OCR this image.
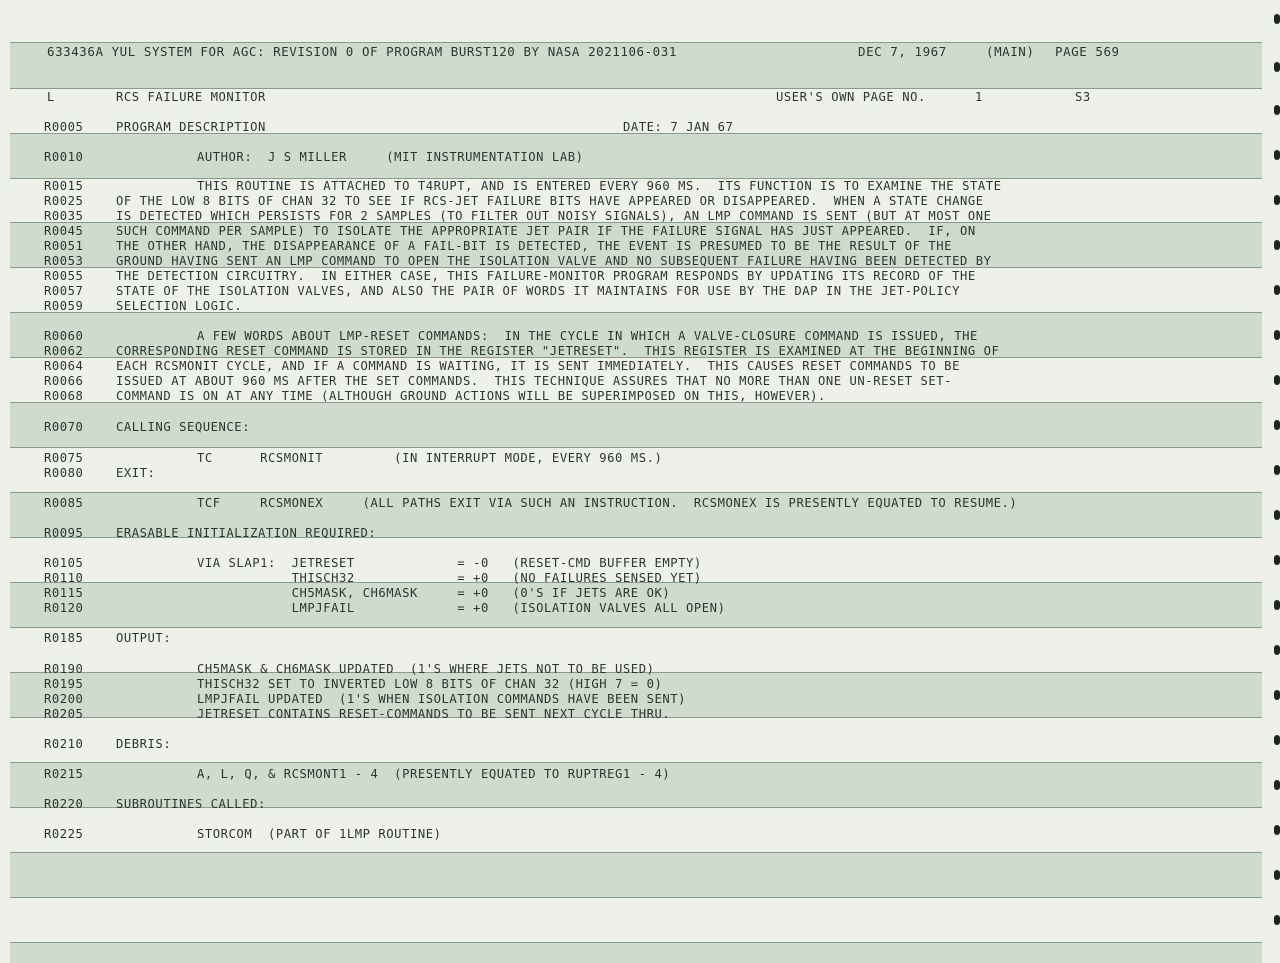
633436A YUL SYSTEM FOR AGC: REVISION 0 OF PROGRAM BURST120 BY NASA 2021106-031	DEC 7, 1967	(MAIN) PAGE 569
L	RCS FAILURE MONITOR	USER'S OWN PAGE NO.	1	S3
R0005	PROGRAM DESCRIPTION	DATE: 7 JAN 67
R0010	AUTHOR:  J S MILLER     (MIT INSTRUMENTATION LAB)
R0015	THIS ROUTINE IS ATTACHED TO T4RUPT, AND IS ENTERED EVERY 960 MS.  ITS FUNCTION IS TO EXAMINE THE STATE
R0025	OF THE LOW 8 BITS OF CHAN 32 TO SEE IF RCS-JET FAILURE BITS HAVE APPEARED OR DISAPPEARED.  WHEN A STATE CHANGE
R0035	IS DETECTED WHICH PERSISTS FOR 2 SAMPLES (TO FILTER OUT NOISY SIGNALS), AN LMP COMMAND IS SENT (BUT AT MOST ONE
R0045	SUCH COMMAND PER SAMPLE) TO ISOLATE THE APPROPRIATE JET PAIR IF THE FAILURE SIGNAL HAS JUST APPEARED.  IF, ON
R0051	THE OTHER HAND, THE DISAPPEARANCE OF A FAIL-BIT IS DETECTED, THE EVENT IS PRESUMED TO BE THE RESULT OF THE
R0053	GROUND HAVING SENT AN LMP COMMAND TO OPEN THE ISOLATION VALVE AND NO SUBSEQUENT FAILURE HAVING BEEN DETECTED BY
R0055	THE DETECTION CIRCUITRY.  IN EITHER CASE, THIS FAILURE-MONITOR PROGRAM RESPONDS BY UPDATING ITS RECORD OF THE
R0057	STATE OF THE ISOLATION VALVES, AND ALSO THE PAIR OF WORDS IT MAINTAINS FOR USE BY THE DAP IN THE JET-POLICY
R0059	SELECTION LOGIC.
R0060	A FEW WORDS ABOUT LMP-RESET COMMANDS:  IN THE CYCLE IN WHICH A VALVE-CLOSURE COMMAND IS ISSUED, THE
R0062	CORRESPONDING RESET COMMAND IS STORED IN THE REGISTER "JETRESET".  THIS REGISTER IS EXAMINED AT THE BEGINNING OF
R0064	EACH RCSMONIT CYCLE, AND IF A COMMAND IS WAITING, IT IS SENT IMMEDIATELY.  THIS CAUSES RESET COMMANDS TO BE
R0066	ISSUED AT ABOUT 960 MS AFTER THE SET COMMANDS.  THIS TECHNIQUE ASSURES THAT NO MORE THAN ONE UN-RESET SET-
R0068	COMMAND IS ON AT ANY TIME (ALTHOUGH GROUND ACTIONS WILL BE SUPERIMPOSED ON THIS, HOWEVER).
R0070	CALLING SEQUENCE:
R0075	TC      RCSMONIT         (IN INTERRUPT MODE, EVERY 960 MS.)
R0080	EXIT:
R0085	TCF     RCSMONEX     (ALL PATHS EXIT VIA SUCH AN INSTRUCTION.  RCSMONEX IS PRESENTLY EQUATED TO RESUME.)
R0095	ERASABLE INITIALIZATION REQUIRED:
R0105	VIA SLAP1:  JETRESET             = -0   (RESET-CMD BUFFER EMPTY)
R0110	THISCH32             = +0   (NO FAILURES SENSED YET)
R0115	CH5MASK, CH6MASK     = +0   (0'S IF JETS ARE OK)
R0120	LMPJFAIL             = +0   (ISOLATION VALVES ALL OPEN)
R0185	OUTPUT:
R0190	CH5MASK & CH6MASK UPDATED  (1'S WHERE JETS NOT TO BE USED)
R0195	THISCH32 SET TO INVERTED LOW 8 BITS OF CHAN 32 (HIGH 7 = 0)
R0200	LMPJFAIL UPDATED  (1'S WHEN ISOLATION COMMANDS HAVE BEEN SENT)
R0205	JETRESET CONTAINS RESET-COMMANDS TO BE SENT NEXT CYCLE THRU.
R0210	DEBRIS:
R0215	A, L, Q, & RCSMONT1 - 4  (PRESENTLY EQUATED TO RUPTREG1 - 4)
R0220	SUBROUTINES CALLED:
R0225	STORCOM  (PART OF 1LMP ROUTINE)
